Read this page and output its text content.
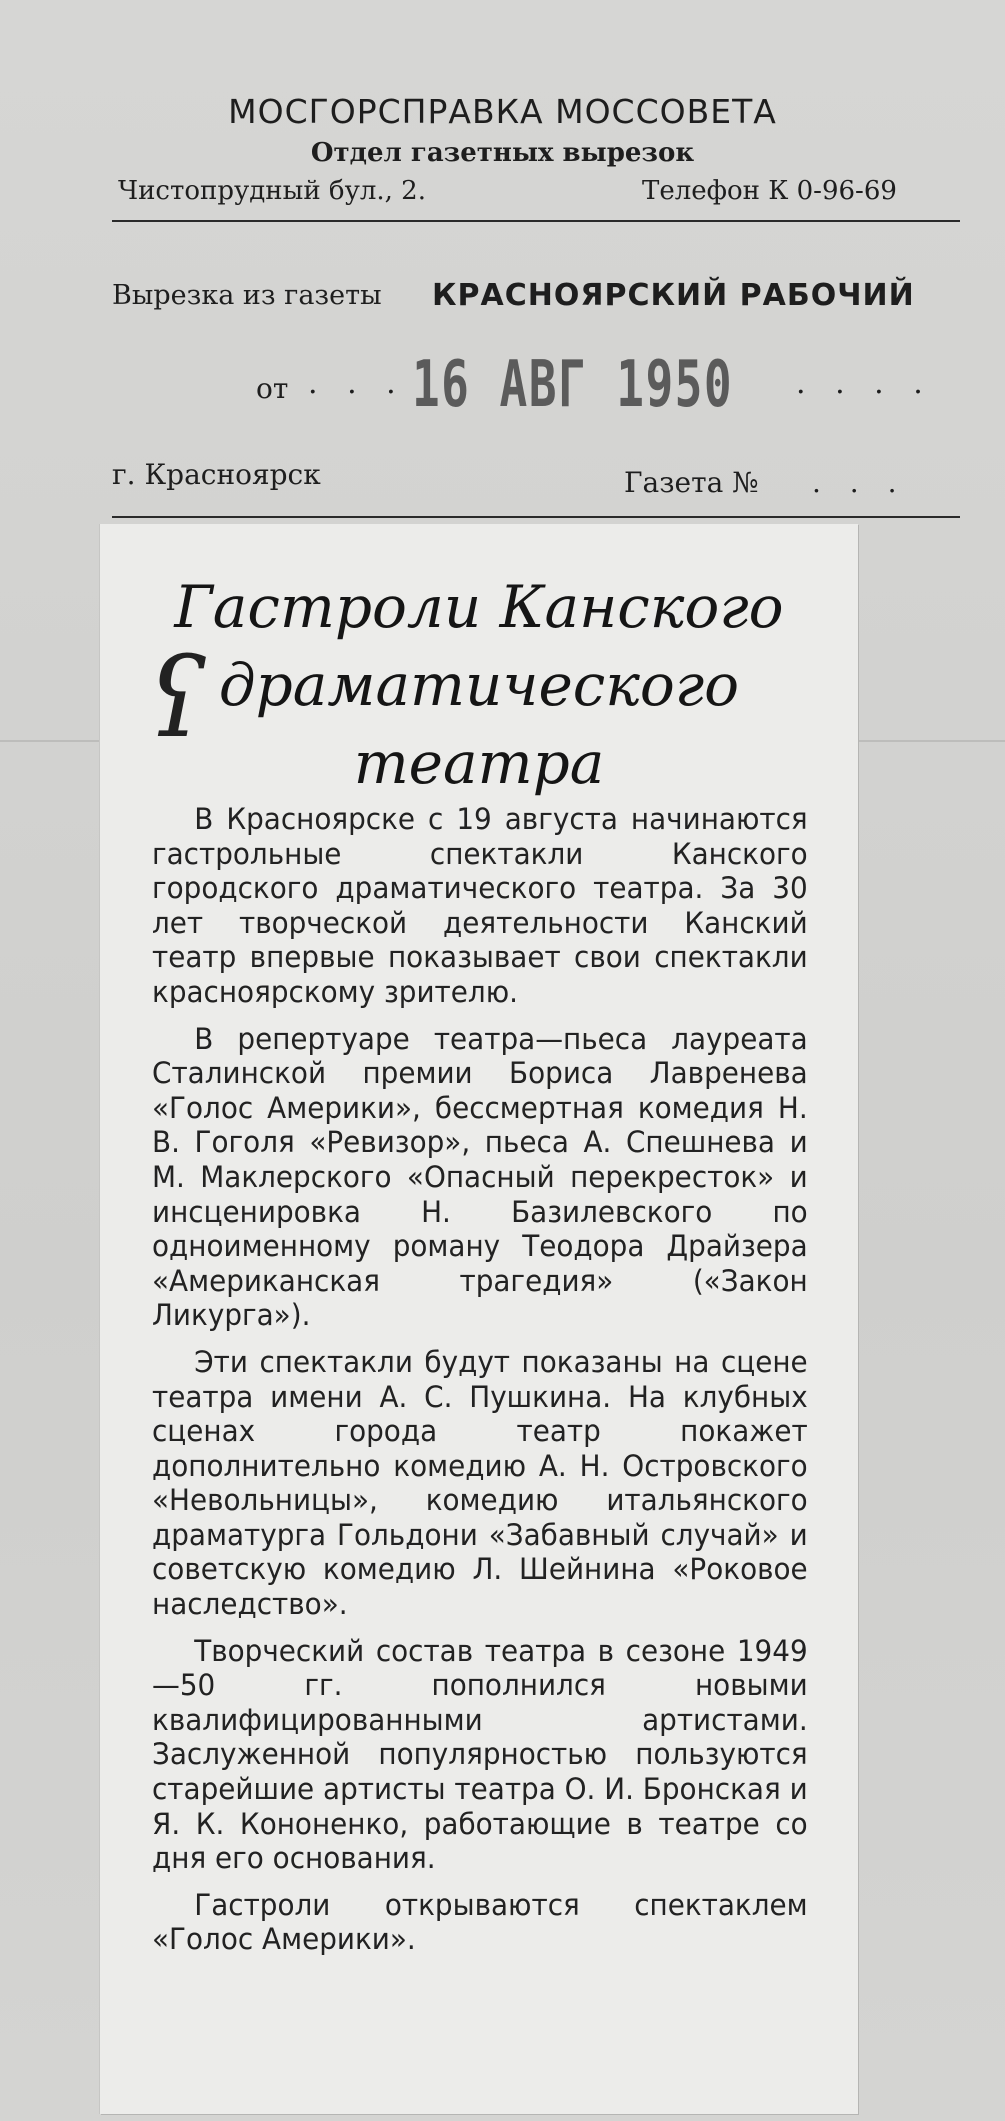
МОСГОРСПРАВКА МОССОВЕТА
Отдел газетных вырезок
Чистопрудный бул., 2.	Телефон К 0-96-69
Вырезка из газеты КРАСНОЯРСКИЙ РАБОЧИЙ
от . . . 16 АВГ 1950 . . . .
г. Красноярск	Газета № . . .
ʕ
Гастроли Канского
драматического
театра

В Красноярске с 19 августа начинаются гастрольные спектакли Канского городского драматического театра. За 30 лет творческой деятельности Канский театр впервые показывает свои спектакли красноярскому зрителю.

В репертуаре театра—пьеса лауреата Сталинской премии Бориса Лавренева «Голос Америки», бессмертная комедия Н. В. Гоголя «Ревизор», пьеса А. Спешнева и М. Маклерского «Опасный перекресток» и инсценировка Н. Базилевского по одноименному роману Теодора Драйзера «Американская трагедия» («Закон Ликурга»).

Эти спектакли будут показаны на сцене театра имени А. С. Пушкина. На клубных сценах города театр покажет дополнительно комедию А. Н. Островского «Невольницы», комедию итальянского драматурга Гольдони «Забавный случай» и советскую комедию Л. Шейнина «Роковое наследство».

Творческий состав театра в сезоне 1949—50 гг. пополнился новыми квалифицированными артистами. Заслуженной популярностью пользуются старейшие артисты театра О. И. Бронская и Я. К. Кононенко, работающие в театре со дня его основания.

Гастроли открываются спектаклем «Голос Америки».
